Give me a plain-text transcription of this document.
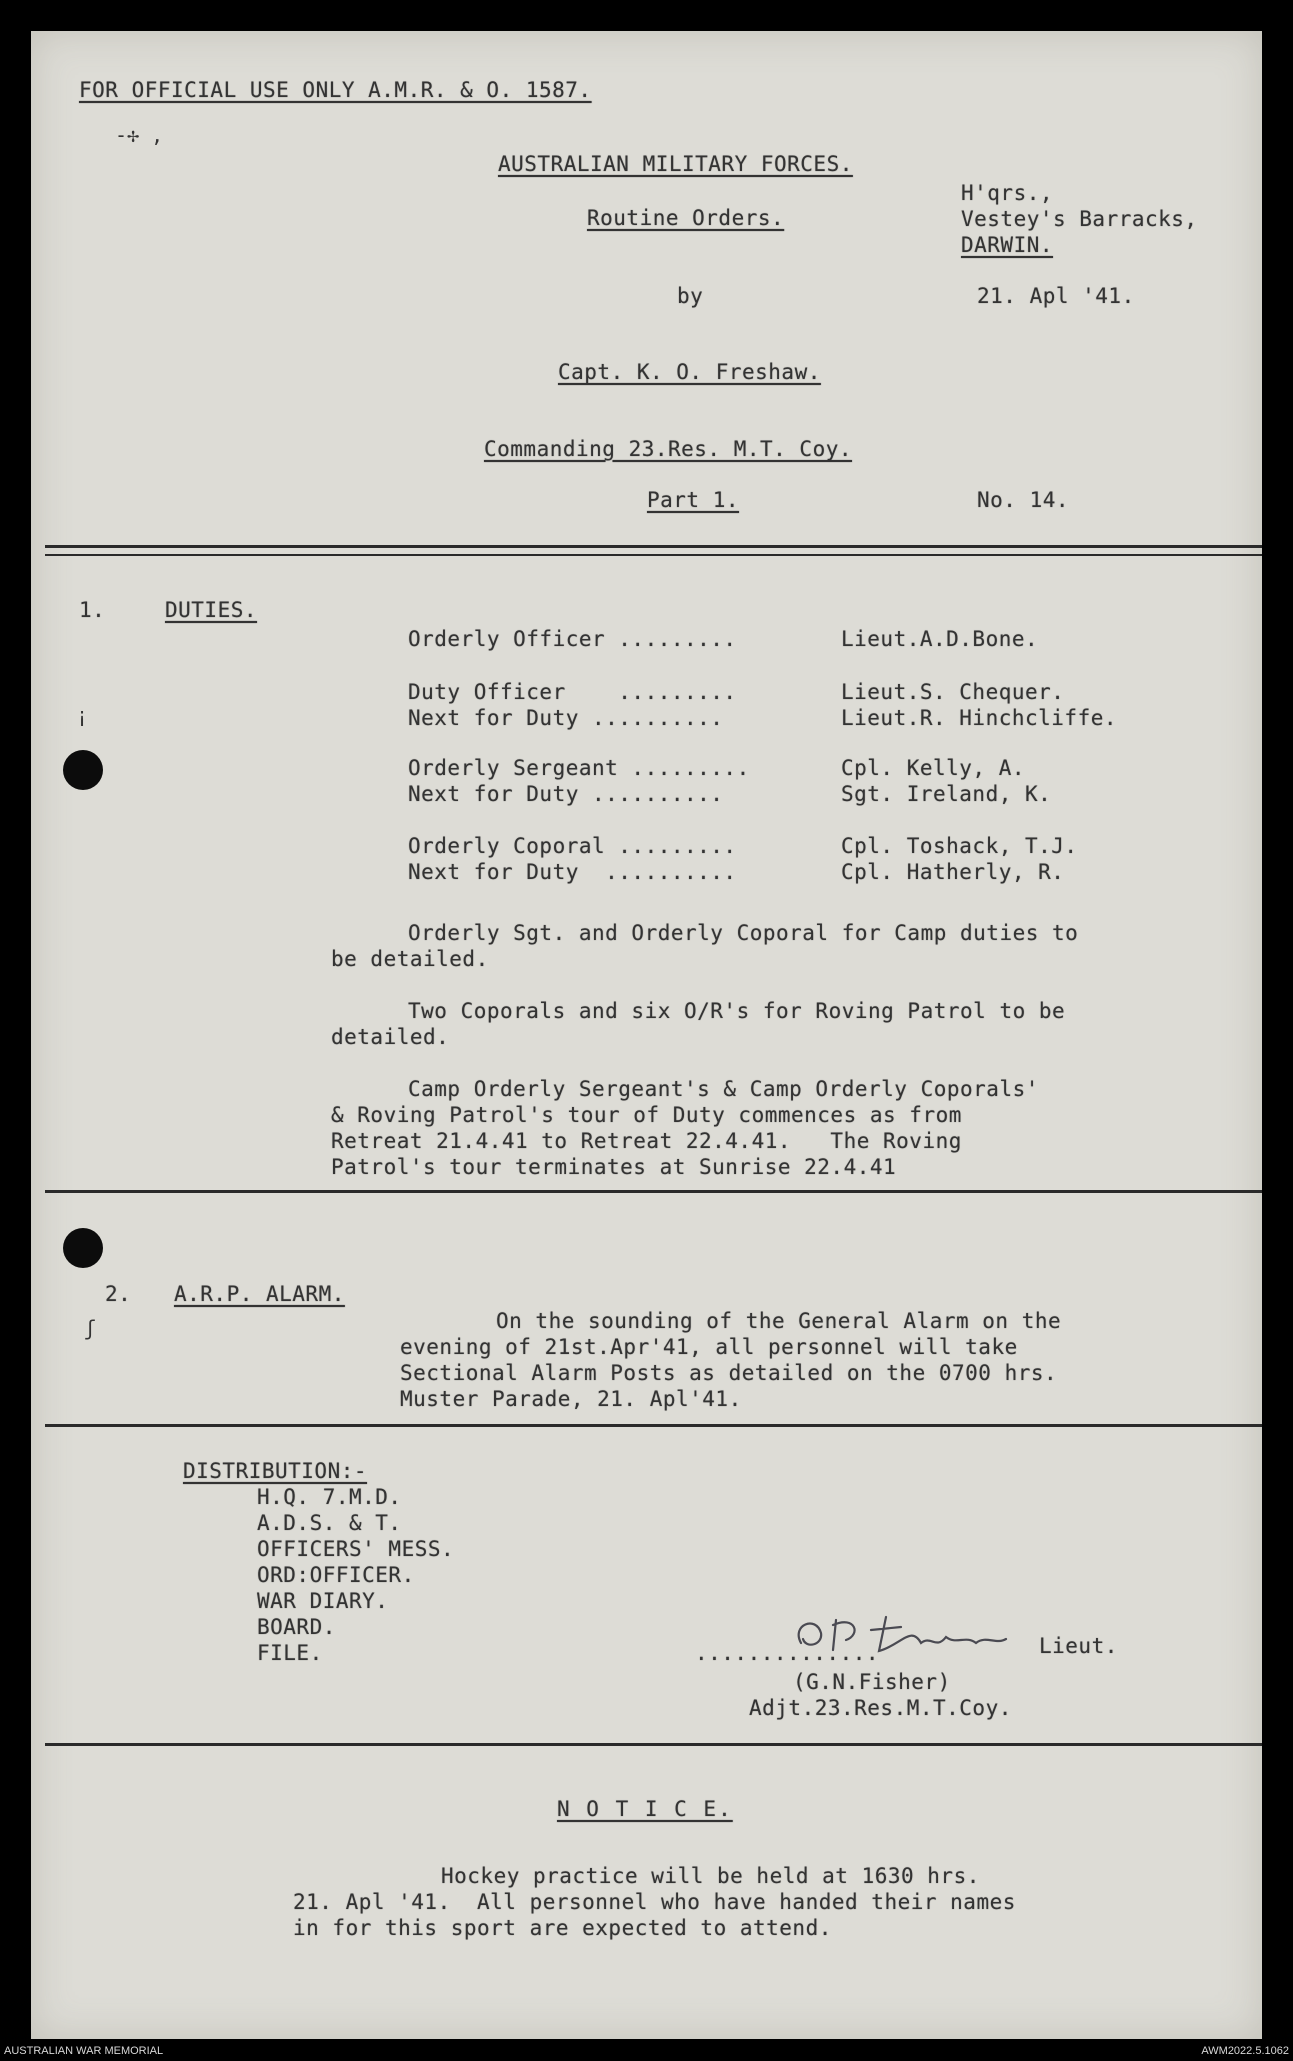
FOR OFFICIAL USE ONLY A.M.R. & O. 1587.
AUSTRALIAN MILITARY FORCES.
Routine Orders.
by
Capt. K. O. Freshaw.
Commanding 23.Res. M.T. Coy.
Part 1.
H'qrs.,
Vestey's Barracks,
DARWIN.
21. Apl '41.
No. 14.
1.	DUTIES.
Orderly Officer .........	Lieut.A.D.Bone.
Duty Officer    .........	Lieut.S. Chequer.
Next for Duty ..........	Lieut.R. Hinchcliffe.
Orderly Sergeant .........	Cpl. Kelly, A.
Next for Duty ..........	Sgt. Ireland, K.
Orderly Coporal .........	Cpl. Toshack, T.J.
Next for Duty  ..........	Cpl. Hatherly, R.
Orderly Sgt. and Orderly Coporal for Camp duties to
be detailed.
Two Coporals and six O/R's for Roving Patrol to be
detailed.
Camp Orderly Sergeant's & Camp Orderly Coporals'
& Roving Patrol's tour of Duty commences as from
Retreat 21.4.41 to Retreat 22.4.41.   The Roving
Patrol's tour terminates at Sunrise 22.4.41
2. A.R.P. ALARM.
On the sounding of the General Alarm on the
evening of 21st.Apr'41, all personnel will take
Sectional Alarm Posts as detailed on the 0700 hrs.
Muster Parade, 21. Apl'41.
DISTRIBUTION:-
H.Q. 7.M.D.
A.D.S. & T.
OFFICERS' MESS.
ORD:OFFICER.
WAR DIARY.
BOARD.
FILE.	..............	Lieut.
(G.N.Fisher)
Adjt.23.Res.M.T.Coy.
N O T I C E.
Hockey practice will be held at 1630 hrs.
21. Apl '41.  All personnel who have handed their names
in for this sport are expected to attend.
-✢ ,
¡
ʃ
AUSTRALIAN WAR MEMORIAL	AWM2022.5.1062
